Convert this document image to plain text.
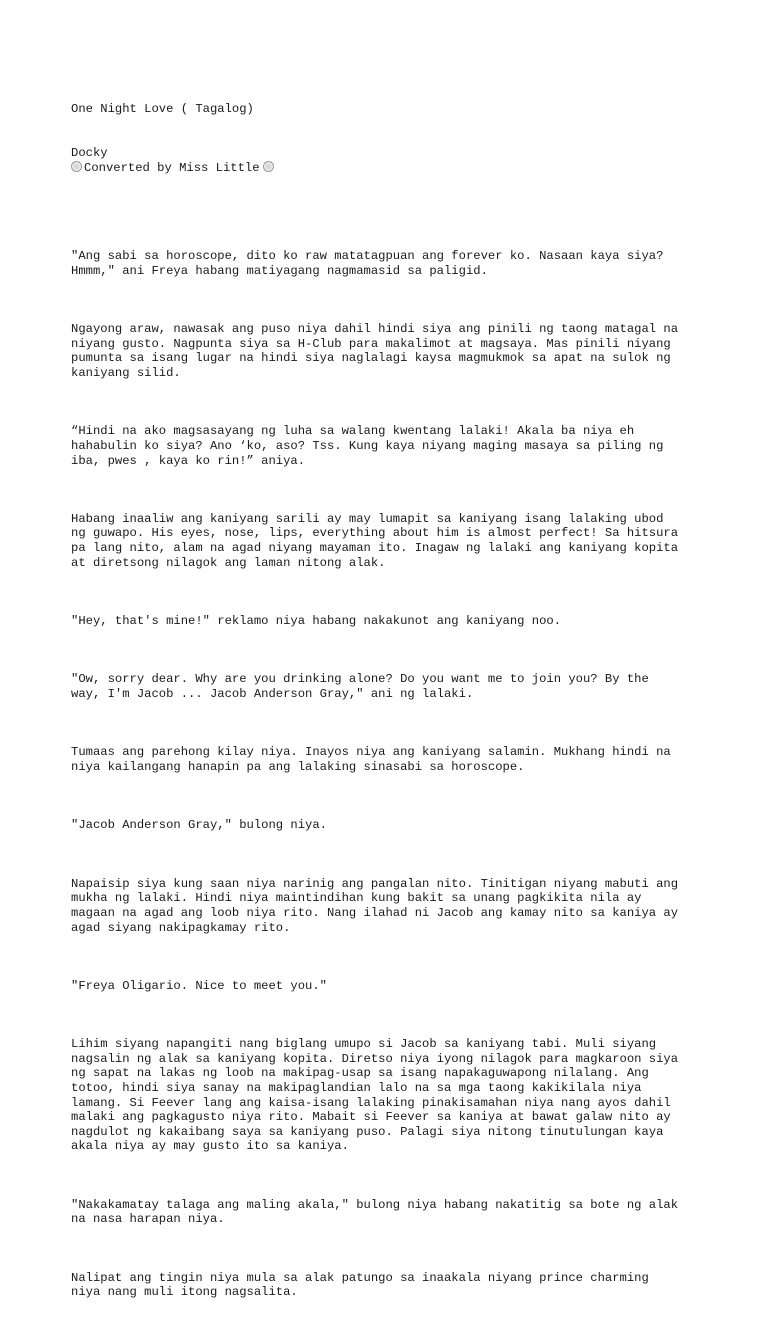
One Night Love ( Tagalog)

Docky

Converted by Miss Little

"Ang sabi sa horoscope, dito ko raw matatagpuan ang forever ko. Nasaan kaya siya?
Hmmm," ani Freya habang matiyagang nagmamasid sa paligid.

Ngayong araw, nawasak ang puso niya dahil hindi siya ang pinili ng taong matagal na
niyang gusto. Nagpunta siya sa H-Club para makalimot at magsaya. Mas pinili niyang
pumunta sa isang lugar na hindi siya naglalagi kaysa magmukmok sa apat na sulok ng
kaniyang silid.

“Hindi na ako magsasayang ng luha sa walang kwentang lalaki! Akala ba niya eh
hahabulin ko siya? Ano ‘ko, aso? Tss. Kung kaya niyang maging masaya sa piling ng
iba, pwes , kaya ko rin!” aniya.

Habang inaaliw ang kaniyang sarili ay may lumapit sa kaniyang isang lalaking ubod
ng guwapo. His eyes, nose, lips, everything about him is almost perfect! Sa hitsura
pa lang nito, alam na agad niyang mayaman ito. Inagaw ng lalaki ang kaniyang kopita
at diretsong nilagok ang laman nitong alak.

"Hey, that's mine!" reklamo niya habang nakakunot ang kaniyang noo.

"Ow, sorry dear. Why are you drinking alone? Do you want me to join you? By the
way, I'm Jacob ... Jacob Anderson Gray," ani ng lalaki.

Tumaas ang parehong kilay niya. Inayos niya ang kaniyang salamin. Mukhang hindi na
niya kailangang hanapin pa ang lalaking sinasabi sa horoscope.

"Jacob Anderson Gray," bulong niya.

Napaisip siya kung saan niya narinig ang pangalan nito. Tinitigan niyang mabuti ang
mukha ng lalaki. Hindi niya maintindihan kung bakit sa unang pagkikita nila ay
magaan na agad ang loob niya rito. Nang ilahad ni Jacob ang kamay nito sa kaniya ay
agad siyang nakipagkamay rito.

"Freya Oligario. Nice to meet you."

Lihim siyang napangiti nang biglang umupo si Jacob sa kaniyang tabi. Muli siyang
nagsalin ng alak sa kaniyang kopita. Diretso niya iyong nilagok para magkaroon siya
ng sapat na lakas ng loob na makipag-usap sa isang napakaguwapong nilalang. Ang
totoo, hindi siya sanay na makipaglandian lalo na sa mga taong kakikilala niya
lamang. Si Feever lang ang kaisa-isang lalaking pinakisamahan niya nang ayos dahil
malaki ang pagkagusto niya rito. Mabait si Feever sa kaniya at bawat galaw nito ay
nagdulot ng kakaibang saya sa kaniyang puso. Palagi siya nitong tinutulungan kaya
akala niya ay may gusto ito sa kaniya.

"Nakakamatay talaga ang maling akala," bulong niya habang nakatitig sa bote ng alak
na nasa harapan niya.

Nalipat ang tingin niya mula sa alak patungo sa inaakala niyang prince charming
niya nang muli itong nagsalita.
